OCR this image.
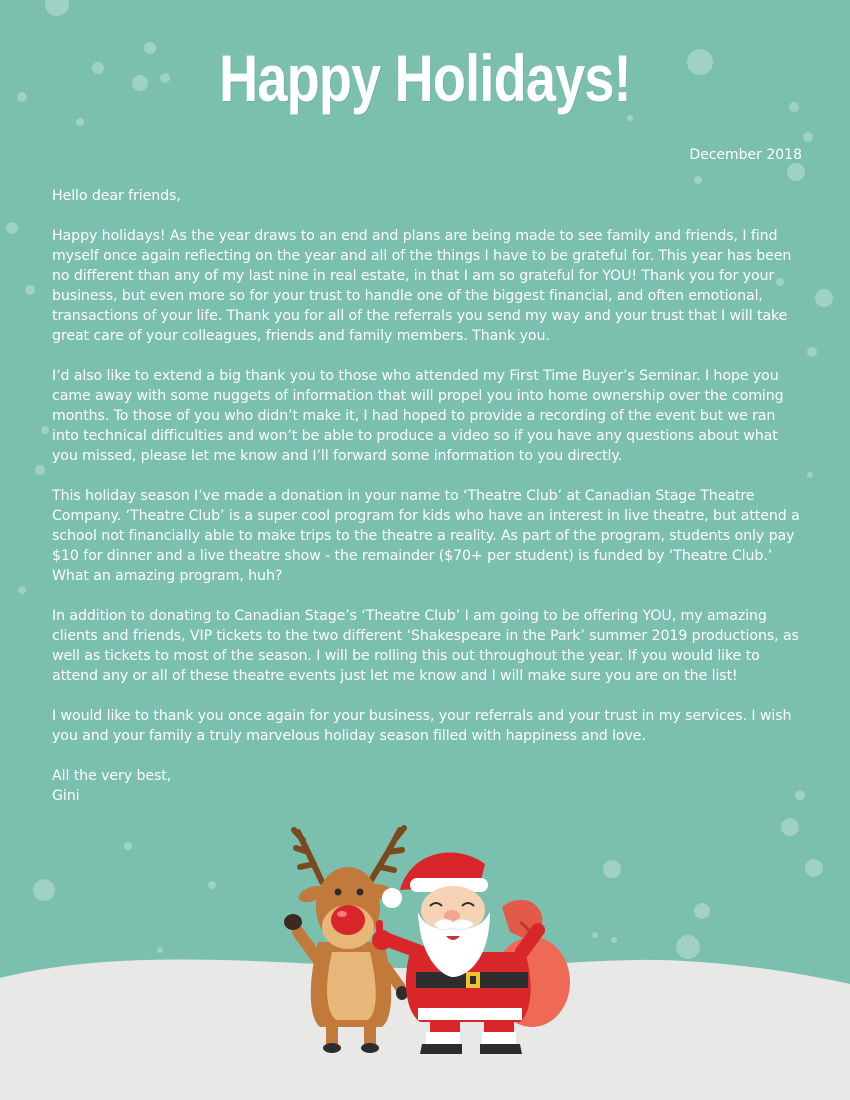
Happy Holidays!
December 2018

Hello dear friends,

Happy holidays! As the year draws to an end and plans are being made to see family and friends, I find myself once again reflecting on the year and all of the things I have to be grateful for. This year has been no different than any of my last nine in real estate, in that I am so grateful for YOU! Thank you for your business, but even more so for your trust to handle one of the biggest financial, and often emotional, transactions of your life. Thank you for all of the referrals you send my way and your trust that I will take great care of your colleagues, friends and family members. Thank you.

I’d also like to extend a big thank you to those who attended my First Time Buyer’s Seminar. I hope you came away with some nuggets of information that will propel you into home ownership over the coming months. To those of you who didn’t make it, I had hoped to provide a recording of the event but we ran into technical difficulties and won’t be able to produce a video so if you have any questions about what you missed, please let me know and I’ll forward some information to you directly.

This holiday season I’ve made a donation in your name to ‘Theatre Club’ at Canadian Stage Theatre Company. ‘Theatre Club’ is a super cool program for kids who have an interest in live theatre, but attend a school not financially able to make trips to the theatre a reality. As part of the program, students only pay $10 for dinner and a live theatre show - the remainder ($70+ per student) is funded by ‘Theatre Club.’ What an amazing program, huh?

In addition to donating to Canadian Stage’s ‘Theatre Club’ I am going to be offering YOU, my amazing clients and friends, VIP tickets to the two different ‘Shakespeare in the Park’ summer 2019 productions, as well as tickets to most of the season. I will be rolling this out throughout the year. If you would like to attend any or all of these theatre events just let me know and I will make sure you are on the list!

I would like to thank you once again for your business, your referrals and your trust in my services. I wish you and your family a truly marvelous holiday season filled with happiness and love.

All the very best,

Gini
